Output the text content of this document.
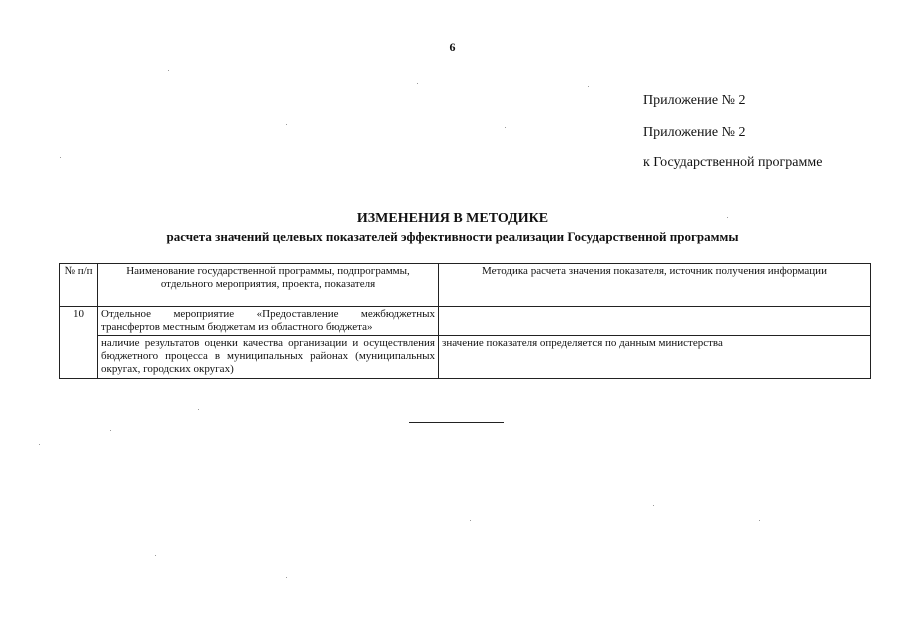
6
Приложение № 2
Приложение № 2
к Государственной программе
ИЗМЕНЕНИЯ В МЕТОДИКЕ
расчета значений целевых показателей эффективности реализации Государственной программы
№ п/п	Наименование государственной программы, подпрограммы, отдельного мероприятия, проекта, показателя	Методика расчета значения показателя, источник получения информации
10	Отдельное мероприятие «Предоставление межбюджетных трансфертов местным бюджетам из областного бюджета»	
	наличие результатов оценки качества организации и осуществления бюджетного процесса в муниципальных районах (муниципальных округах, городских округах)	значение показателя определяется по данным министерства
